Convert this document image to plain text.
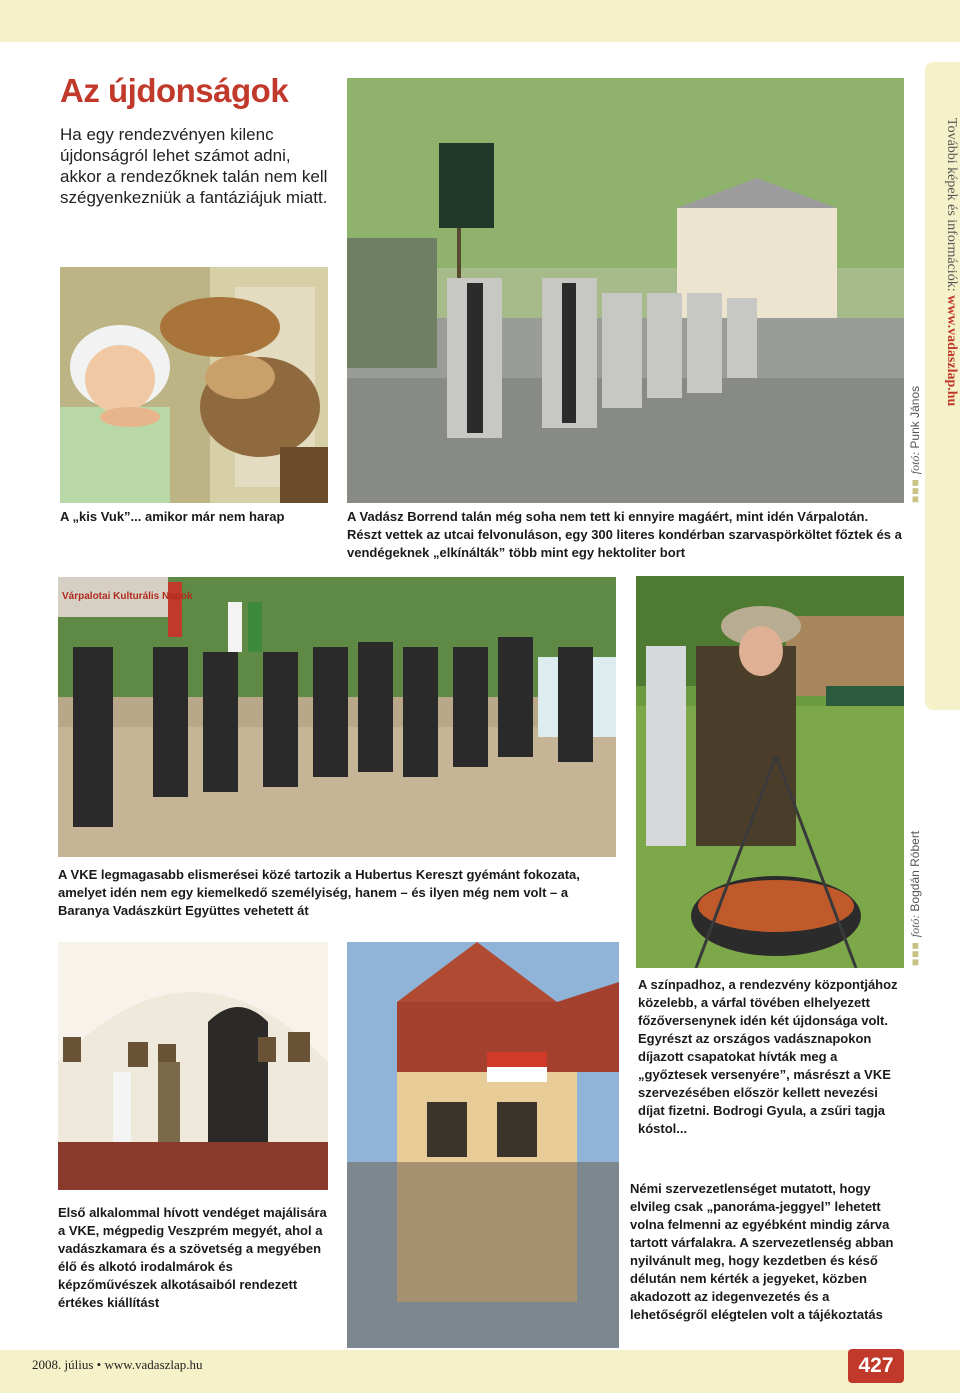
Az újdonságok

Ha egy rendezvényen kilenc újdonságról lehet számot adni, akkor a rendezőknek talán nem kell szégyenkezniük a fantáziájuk miatt.

A „kis Vuk”... amikor már nem harap	A Vadász Borrend talán még soha nem tett ki ennyire magáért, mint idén Várpalotán.

Részt vettek az utcai felvonuláson, egy 300 literes kondérban szarvaspörköltet főztek és a vendégeknek „elkínálták” több mint egy hektoliter bort

■■■fotó:Punk János
További képek és információk: www.vadaszlap.hu
Várpalotai Kulturális Napok

A VKE legmagasabb elismerései közé tartozik a Hubertus Kereszt gyémánt fokozata, amelyet idén nem egy kiemelkedő személyiség, hanem – és ilyen még nem volt – a Baranya Vadászkürt Együttes vehetett át

■■■fotó:Bogdán Róbert

A színpadhoz, a rendezvény központjához közelebb, a várfal tövében elhelyezett főzőversenynek idén két újdonsága volt. Egyrészt az országos vadásznapokon díjazott csapatokat hívták meg a „győztesek versenyére”, másrészt a VKE szervezésében először kellett nevezési díjat fizetni. Bodrogi Gyula, a zsűri tagja kóstol...

Első alkalommal hívott vendéget majálisára a VKE, mégpedig Veszprém megyét, ahol a vadászkamara és a szövetség a megyében élő és alkotó irodalmárok és képzőművészek alkotásaiból rendezett értékes kiállítást

Némi szervezetlenséget mutatott, hogy elvileg csak „panoráma-jeggyel” lehetett volna felmenni az egyébként mindig zárva tartott várfalakra. A szervezetlenség abban nyilvánult meg, hogy kezdetben és késő délután nem kérték a jegyeket, közben akadozott az idegenvezetés és a lehetőségről elégtelen volt a tájékoztatás

2008. július • www.vadaszlap.hu	427
